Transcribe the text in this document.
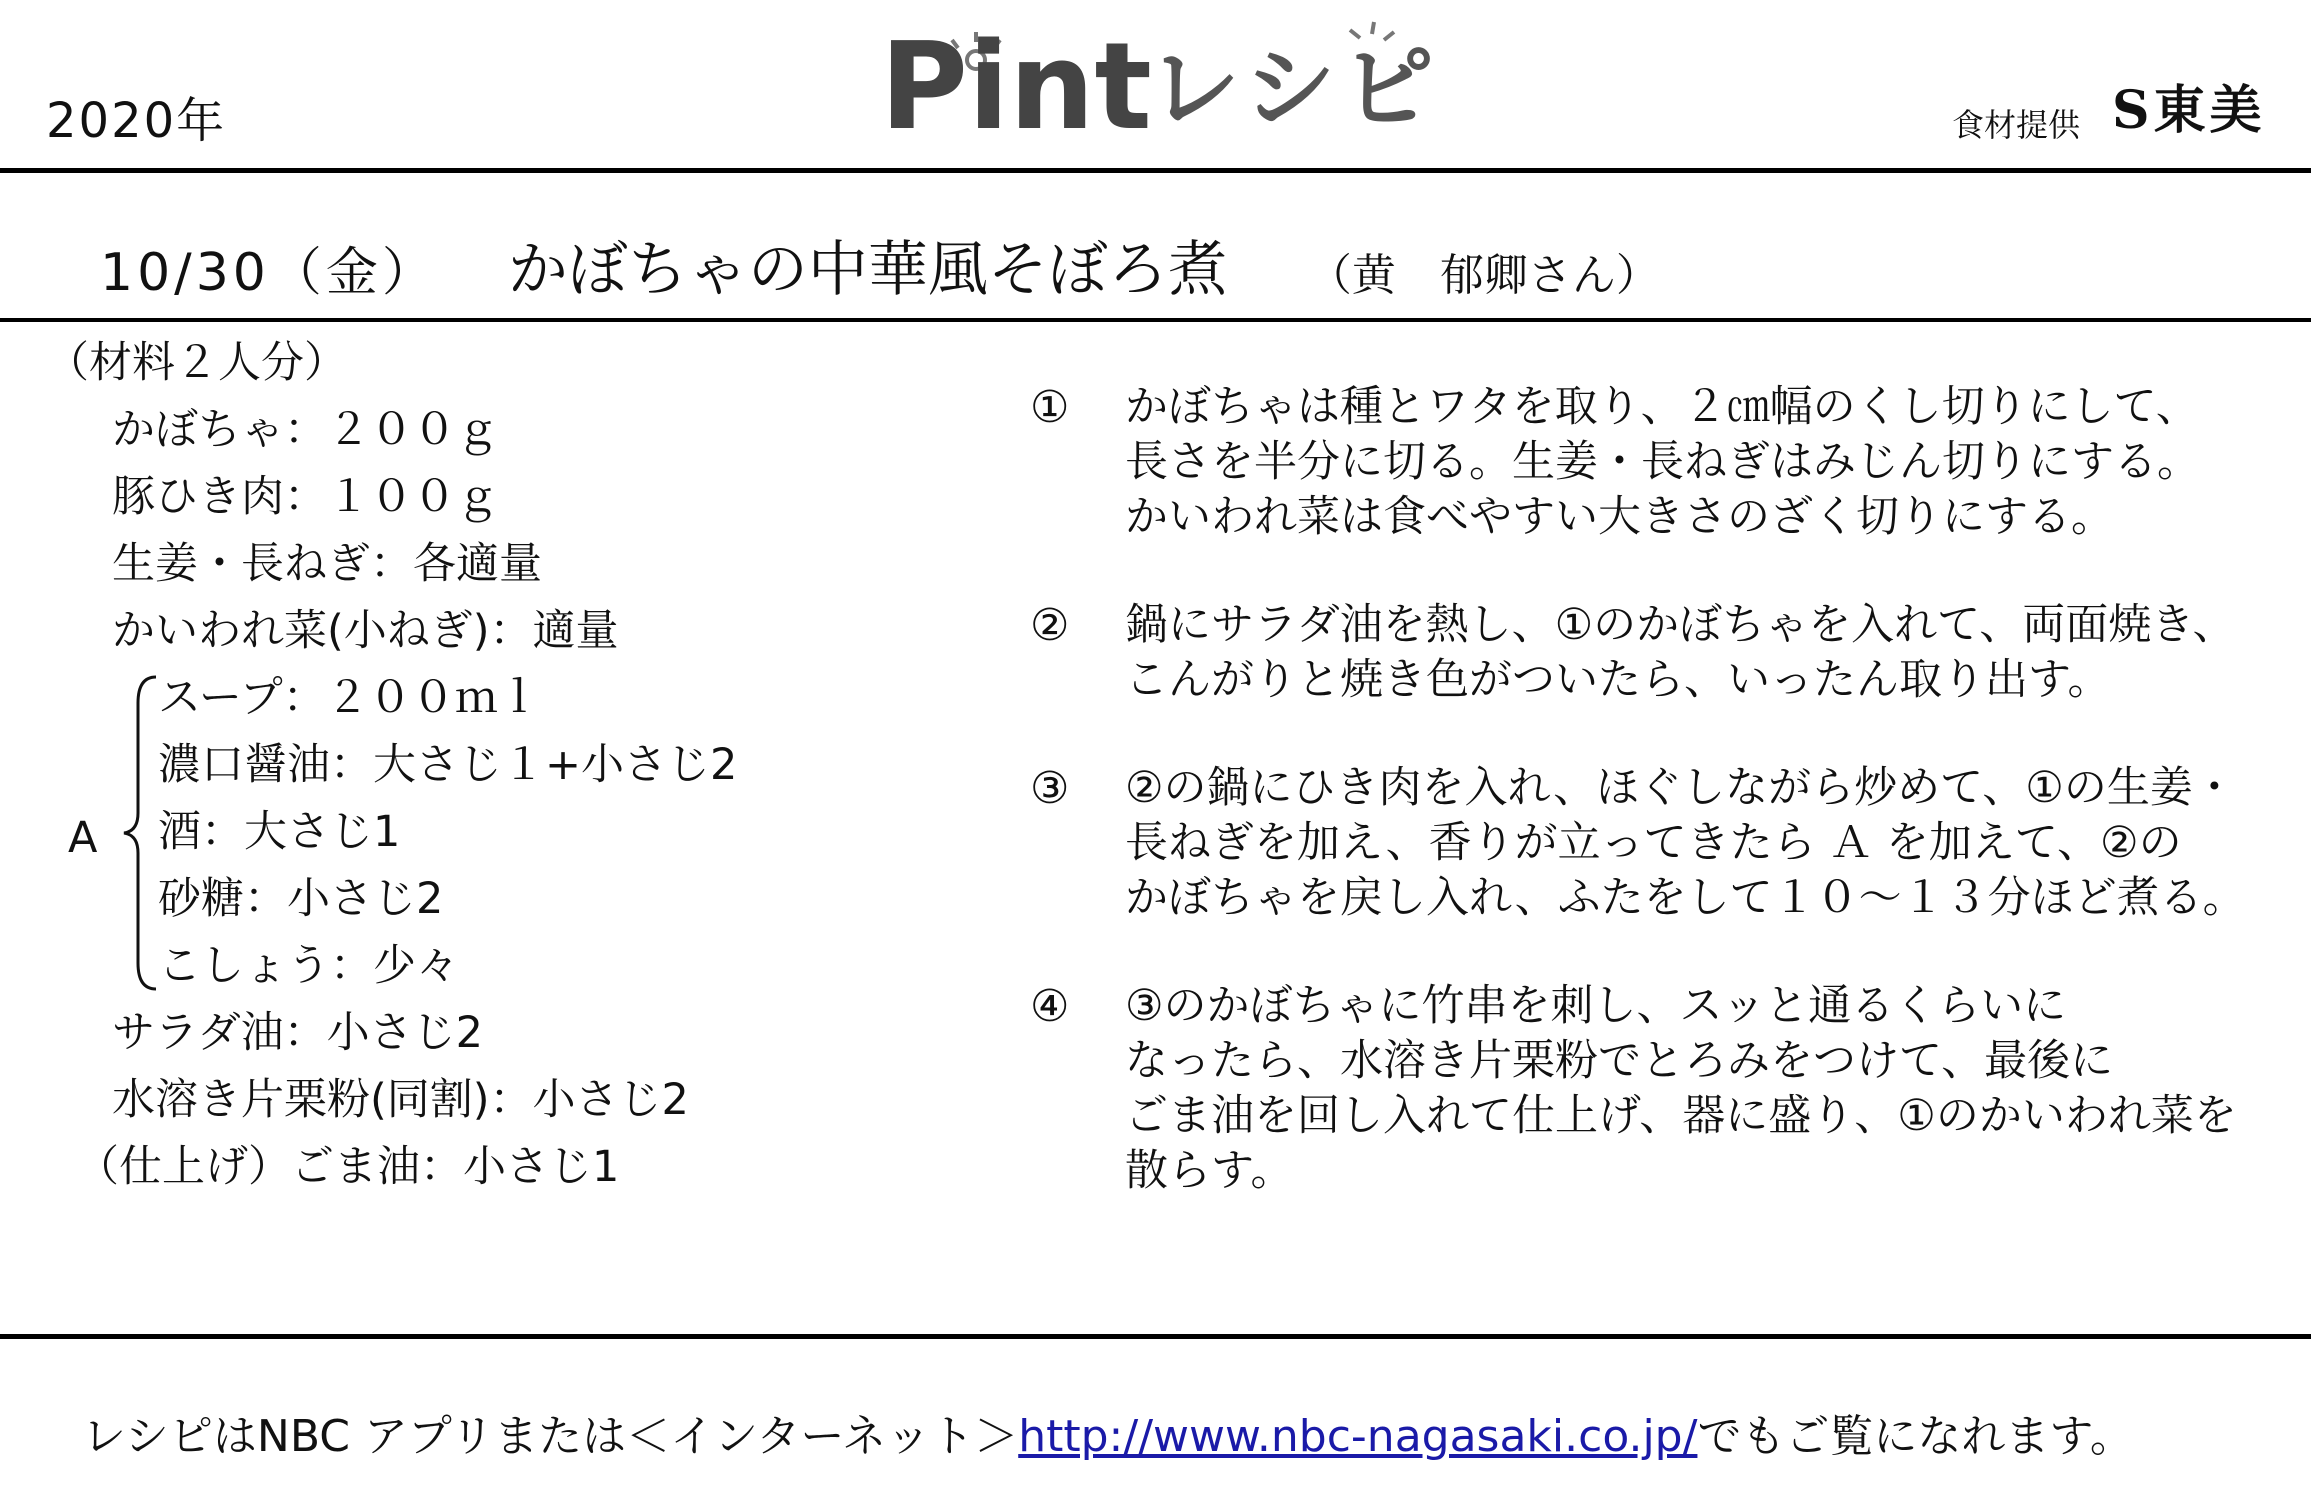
2020年	Pint
レシピ	食材提供 S東美
10/30（金） かぼちゃの中華風そぼろ煮 （黄　郁卿さん）
（材料２人分）
かぼちゃ：２００ｇ
豚ひき肉：１００ｇ
生姜・長ねぎ：各適量
かいわれ菜(小ねぎ)：適量
A
スープ：２００ｍｌ
濃口醤油：大さじ１+小さじ2
酒：大さじ1
砂糖：小さじ2
こしょう：少々
サラダ油：小さじ2
水溶き片栗粉(同割)：小さじ2
（仕上げ）ごま油：小さじ1
①	かぼちゃは種とワタを取り、２㎝幅のくし切りにして、
長さを半分に切る。生姜・長ねぎはみじん切りにする。
かいわれ菜は食べやすい大きさのざく切りにする。
②	鍋にサラダ油を熱し、①のかぼちゃを入れて、両面焼き、
こんがりと焼き色がついたら、いったん取り出す。
③	②の鍋にひき肉を入れ、ほぐしながら炒めて、①の生姜・
長ねぎを加え、香りが立ってきたら Ａ を加えて、②の
かぼちゃを戻し入れ、ふたをして１０～１３分ほど煮る。
④	③のかぼちゃに竹串を刺し、スッと通るくらいに
なったら、水溶き片栗粉でとろみをつけて、最後に
ごま油を回し入れて仕上げ、器に盛り、①のかいわれ菜を
散らす。
レシピはNBC アプリまたは＜インターネット＞http://www.nbc-nagasaki.co.jp/でもご覧になれます。
